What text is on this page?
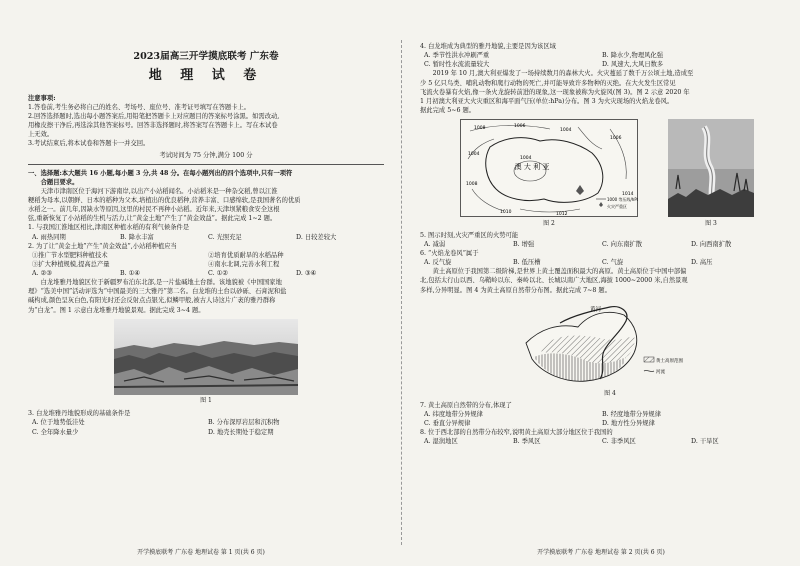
2023届高三开学摸底联考 广东卷

地 理 试 卷

注意事项:

1.答卷前,考生务必将自己的姓名、考场号、座位号、准考证号填写在答题卡上。

2.回答选择题时,选出每小题答案后,用铅笔把答题卡上对应题目的答案标号涂黑。如需改动,

用橡皮擦干净后,再选涂其他答案标号。回答非选择题时,将答案写在答题卡上。写在本试卷

上无效。

3.考试结束后,将本试卷和答题卡一并交回。

考试时间为 75 分钟,满分 100 分

一、选择题:本大题共 16 小题,每小题 3 分,共 48 分。在每小题列出的四个选项中,只有一项符

合题目要求。

天津市津南区位于海河下游南岸,以出产小站稻闻名。小站稻米是一种杂交稻,曾以江淮

粳稻为母本,以朝鲜、日本的稻种为父本,培植出的优良稻种,营养丰富、口感绵软,是我国著名的优质

水稻之一。前几年,因缺水等原因,这里的村民不再种小站稻。近年来,天津坝紧粮食安全这根

弦,重新恢复了小站稻的生机与活力,让“黄金土地”产生了“黄金效益”。据此完成 1~2 题。

1. 与我国江淮地区相比,津南区种植水稻的有利气候条件是

A. 雨热同期	B. 降水丰富	C. 光照充足	D. 日较差较大

2. 为了让“黄金土地”产生“黄金效益”,小站稻种植应当

①推广节水型肥料种植技术	②培育优质耐旱的水稻品种
③扩大种植规模,提高总产量	④南水北调,完善水利工程
A. ②③	B. ①④	C. ①②	D. ③④

白龙堆雅丹地貌区位于新疆罗布泊东北部,是一片盐碱地土台群。该地貌被《中国国家地

理》“选美中国”活动评选为“中国最美的三大雅丹”第二名。白龙堆的土台以砂砾、石膏泥和盐

碱构成,颜色呈灰白色,有阳光时还会反射点点银光,似鳞甲般,被古人诗这片广袤的雅丹群称

为“白龙”。图 1 示意白龙堆雅丹地貌景观。据此完成 3~4 题。

图 1

3. 白龙堆雅丹地貌形成的基础条件是

A. 位于地势低洼处	B. 分布深厚岩层和沉积物
C. 全年降水量少	D. 地壳长期处于稳定期

开学摸底联考 广东卷 地理试卷 第 1 页(共 6 页)

4. 白龙堆成为典型的雅丹地貌,主要是因为该区域

A. 季节性洪水冲刷严重	B. 降水少,物理风化强
C. 暂时性水流流量较大	D. 风速大,大风日数多

2019 年 10 月,澳大利亚爆发了一场持续数月的森林大火。火灾蔓延了数千万公顷土地,造成至

少 5 亿只鸟类、哺乳动物和爬行动物的死亡,并可能导致许多物种的灭绝。在大火发生区常见

飞流火卷暴有火焰,像一条火龙旋转前进的现象,这一现象被称为火旋风(图 3)。图 2 示意 2020 年

1 月初澳大利亚大火灾重区和海平面气压(单位:hPa)分布。图 3 为火灾现场的火焰龙卷风。

据此完成 5~6 题。

澳 大 利 亚
1008	1006
1004
1004
1006
1004
1008
1010	1012
1014
1000 等压线/hPa
火灾严重区

图 2	图 3

5. 图示时刻,火灾严重区的火势可能

A. 减弱	B. 增强	C. 向东南扩散	D. 向西南扩散

6. “火焰龙卷风”属于

A. 反气旋	B. 低压槽	C. 气旋	D. 高压

黄土高原位于我国第二级阶梯,是世界上黄土覆盖面积最大的高原。黄土高原位于中国中部偏

北,包括太行山以西、乌鞘岭以东、秦岭以北、长城以南广大地区,海拔 1000~2000 米,自然景观

多样,分异明显。图 4 为黄土高原自然带分布图。据此完成 7~8 题。

黄河
黄土高原范围
河流

图 4

7. 黄土高原自然带的分布,体现了

A. 纬度地带分异规律	B. 经度地带分异规律
C. 垂直分异规律	D. 地方性分异规律

8. 位于西北部的自然带分布较窄,说明黄土高原大部分地区位于我国的

A. 湿润地区	B. 季风区	C. 非季风区	D. 干旱区

开学摸底联考 广东卷 地理试卷 第 2 页(共 6 页)
